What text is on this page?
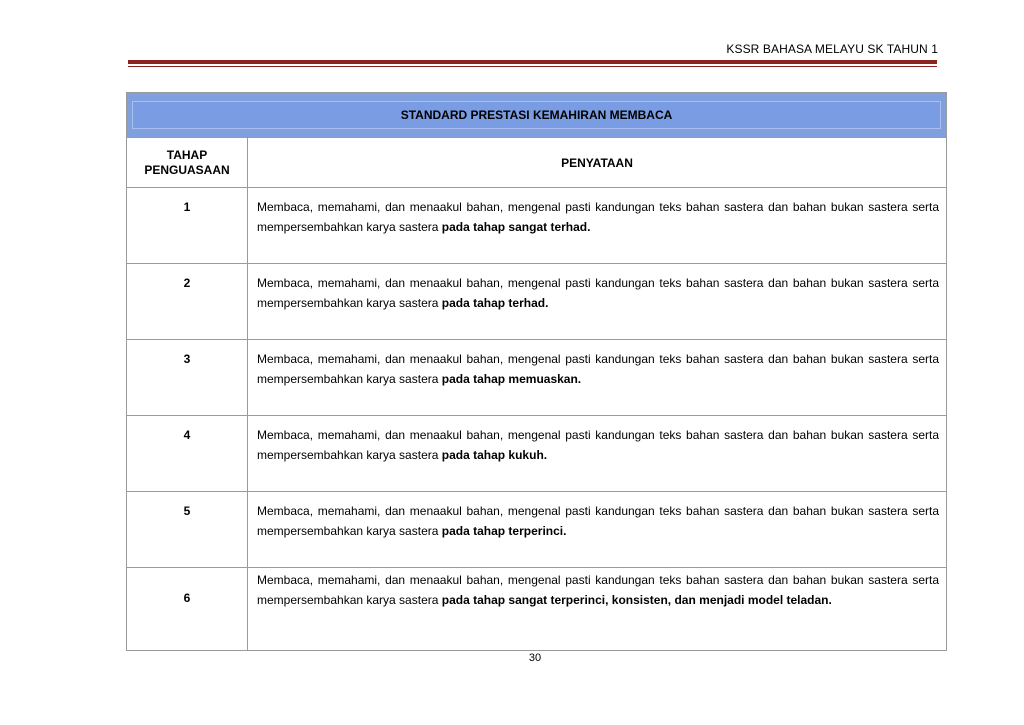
KSSR BAHASA MELAYU SK TAHUN 1
STANDARD PRESTASI KEMAHIRAN MEMBACA	

TAHAP
PENGUASAAN	PENYATAAN
1	Membaca, memahami, dan menaakul bahan, mengenal pasti kandungan teks bahan sastera dan bahan bukan sastera serta mempersembahkan karya sastera pada tahap sangat terhad.
2	Membaca, memahami, dan menaakul bahan, mengenal pasti kandungan teks bahan sastera dan bahan bukan sastera serta mempersembahkan karya sastera pada tahap terhad.
3	Membaca, memahami, dan menaakul bahan, mengenal pasti kandungan teks bahan sastera dan bahan bukan sastera serta mempersembahkan karya sastera pada tahap memuaskan.
4	Membaca, memahami, dan menaakul bahan, mengenal pasti kandungan teks bahan sastera dan bahan bukan sastera serta mempersembahkan karya sastera pada tahap kukuh.
5	Membaca, memahami, dan menaakul bahan, mengenal pasti kandungan teks bahan sastera dan bahan bukan sastera serta mempersembahkan karya sastera pada tahap terperinci.
6	Membaca, memahami, dan menaakul bahan, mengenal pasti kandungan teks bahan sastera dan bahan bukan sastera serta mempersembahkan karya sastera pada tahap sangat terperinci, konsisten, dan menjadi model teladan.
30
